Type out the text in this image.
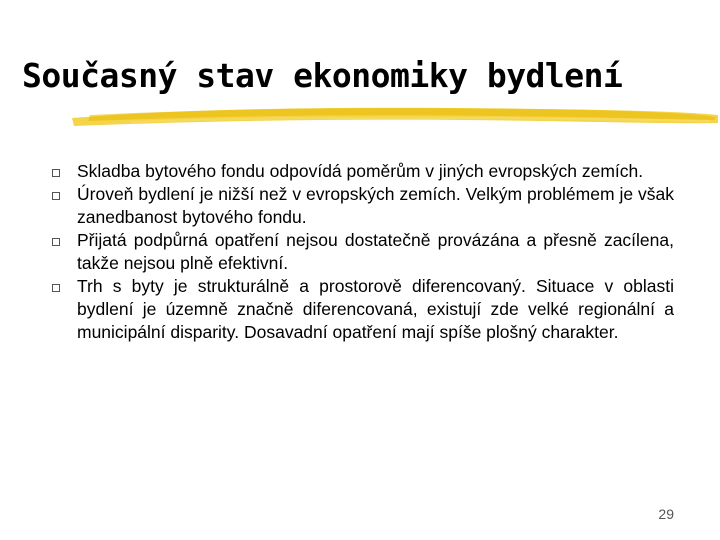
Současný stav ekonomiky bydlení
Skladba bytového fondu odpovídá poměrům v jiných evropských zemích.
Úroveň bydlení je nižší než v evropských zemích. Velkým problémem je však zanedbanost bytového fondu.
Přijatá podpůrná opatření nejsou dostatečně provázána a přesně zacílena, takže nejsou plně efektivní.
Trh s byty je strukturálně a prostorově diferencovaný. Situace v oblasti bydlení je územně značně diferencovaná, existují zde velké regionální a municipální disparity. Dosavadní opatření mají spíše plošný charakter.
29
